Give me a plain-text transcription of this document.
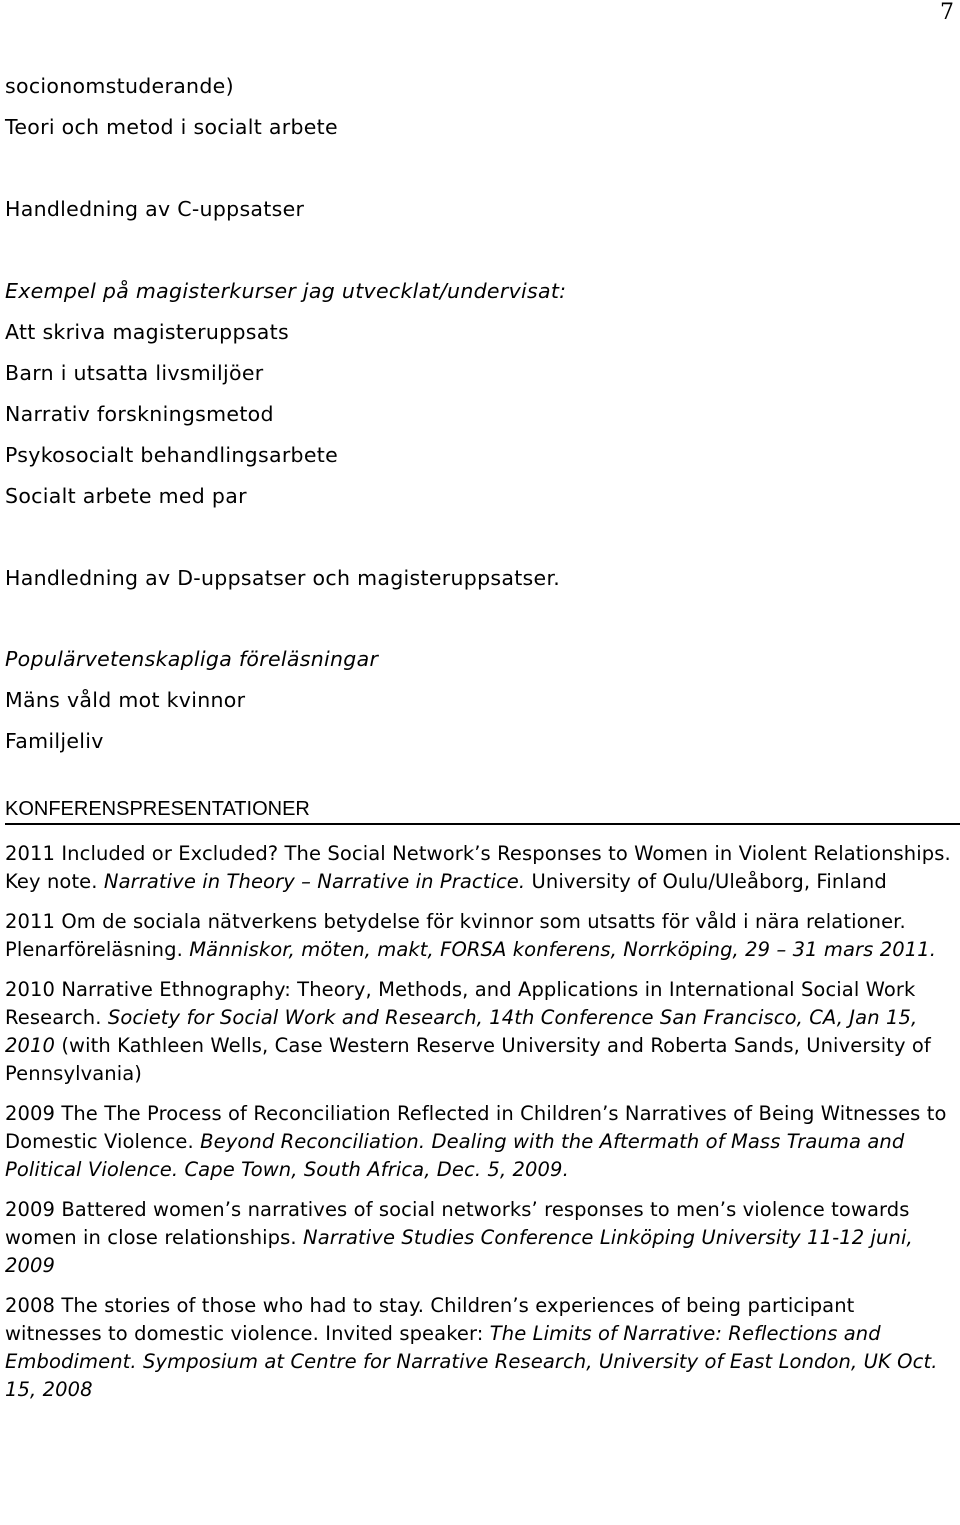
7
socionomstuderande)
Teori och metod i socialt arbete
Handledning av C-uppsatser
Exempel på magisterkurser jag utvecklat/undervisat:
Att skriva magisteruppsats
Barn i utsatta livsmiljöer
Narrativ forskningsmetod
Psykosocialt behandlingsarbete
Socialt arbete med par
Handledning av D-uppsatser och magisteruppsatser.
Populärvetenskapliga föreläsningar
Mäns våld mot kvinnor
Familjeliv
KONFERENSPRESENTATIONER
2011 Included or Excluded? The Social Network’s Responses to Women in Violent Relationships. Key note. Narrative in Theory – Narrative in Practice. University of Oulu/Uleåborg, Finland
2011 Om de sociala nätverkens betydelse för kvinnor som utsatts för våld i nära relationer. Plenarföreläsning. Människor, möten, makt, FORSA konferens, Norrköping, 29 – 31 mars 2011.
2010 Narrative Ethnography: Theory, Methods, and Applications in International Social Work Research. Society for Social Work and Research, 14th Conference San Francisco, CA, Jan 15, 2010 (with Kathleen Wells, Case Western Reserve University and Roberta Sands, University of Pennsylvania)
2009 The The Process of Reconciliation Reflected in Children’s Narratives of Being Witnesses to Domestic Violence. Beyond Reconciliation. Dealing with the Aftermath of Mass Trauma and Political Violence. Cape Town, South Africa, Dec. 5, 2009.
2009 Battered women’s narratives of social networks’ responses to men’s violence towards women in close relationships. Narrative Studies Conference Linköping University 11-12 juni, 2009
2008 The stories of those who had to stay. Children’s experiences of being participant witnesses to domestic violence. Invited speaker: The Limits of Narrative: Reflections and Embodiment. Symposium at Centre for Narrative Research, University of East London, UK Oct. 15, 2008
